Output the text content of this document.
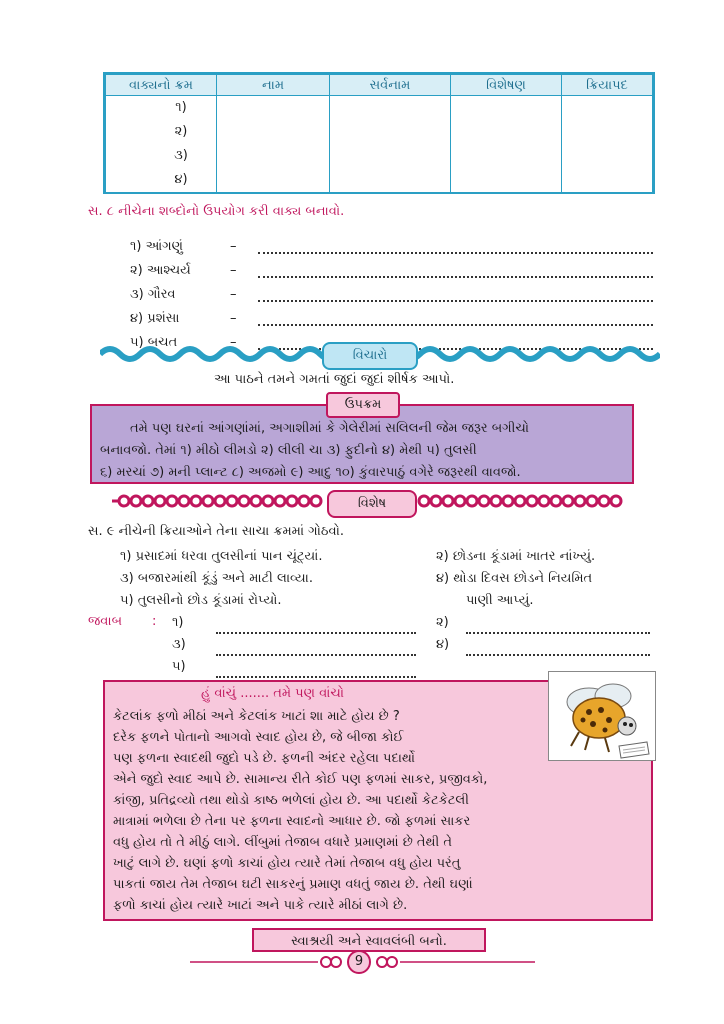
વાક્યનો ક્રમ	નામ	સર્વનામ	વિશેષણ	ક્રિયાપદ

૧)
૨)
૩)
૪)				

સ. ૮ નીચેના શબ્દોનો ઉપયોગ કરી વાક્ય બનાવો.
૧) આંગણું	–
૨) આશ્ચર્ય	–
૩) ગૌરવ	–
૪) પ્રશંસા	–
૫) બચત	–
વિચારો
આ પાઠને તમને ગમતાં જુદાં જુદાં શીર્ષક આપો.
તમે પણ ઘરનાં આંગણાંમાં, અગાશીમાં કે ગેલેરીમાં સલિલની જેમ જરૂર બગીચો
બનાવજો. તેમાં ૧) મીઠો લીમડો ૨) લીલી ચા ૩) ફુદીનો ૪) મેથી ૫) તુલસી
૬) મરચાં ૭) મની પ્લાન્ટ ૮) અજમો ૯) આદુ ૧૦) કુંવારપાઠું વગેરે જરૂરથી વાવજો.
ઉપક્રમ
વિશેષ
સ. ૯ નીચેની ક્રિયાઓને તેના સાચા ક્રમમાં ગોઠવો.
૧) પ્રસાદમાં ધરવા તુલસીનાં પાન ચૂંટ્યાં.
૩) બજારમાંથી કૂંડું અને માટી લાવ્યા.
૫) તુલસીનો છોડ કૂંડામાં રોપ્યો.
૨) છોડના કૂંડામાં ખાતર નાંખ્યું.
૪) થોડા દિવસ છોડને નિયમિત
પાણી આપ્યું.
જવાબ : ૧)
૩)
૫)
૨)
૪)
હું વાંચું ....... તમે પણ વાંચો
કેટલાંક ફળો મીઠાં અને કેટલાંક ખાટાં શા માટે હોય છે ?
દરેક ફળને પોતાનો આગવો સ્વાદ હોય છે, જે બીજા કોઈ
પણ ફળના સ્વાદથી જુદો પડે છે. ફળની અંદર રહેલા પદાર્થો
એને જુદો સ્વાદ આપે છે. સામાન્ય રીતે કોઈ પણ ફળમાં સાકર, પ્રજીવકો,
કાંજી, પ્રતિદ્રવ્યો તથા થોડો કાષ્ઠ ભળેલાં હોય છે. આ પદાર્થો કેટકેટલી
માત્રામાં ભળેલા છે તેના પર ફળના સ્વાદનો આધાર છે. જો ફળમાં સાકર
વધુ હોય તો તે મીઠું લાગે. લીંબુમાં તેજાબ વધારે પ્રમાણમાં છે તેથી તે
ખાટું લાગે છે. ઘણાં ફળો કાચાં હોય ત્યારે તેમાં તેજાબ વધુ હોય પરંતુ
પાકતાં જાય તેમ તેજાબ ઘટી સાકરનું પ્રમાણ વધતું જાય છે. તેથી ઘણાં
ફળો કાચાં હોય ત્યારે ખાટાં અને પાકે ત્યારે મીઠાં લાગે છે.
સ્વાશ્રયી અને સ્વાવલંબી બનો.
9
